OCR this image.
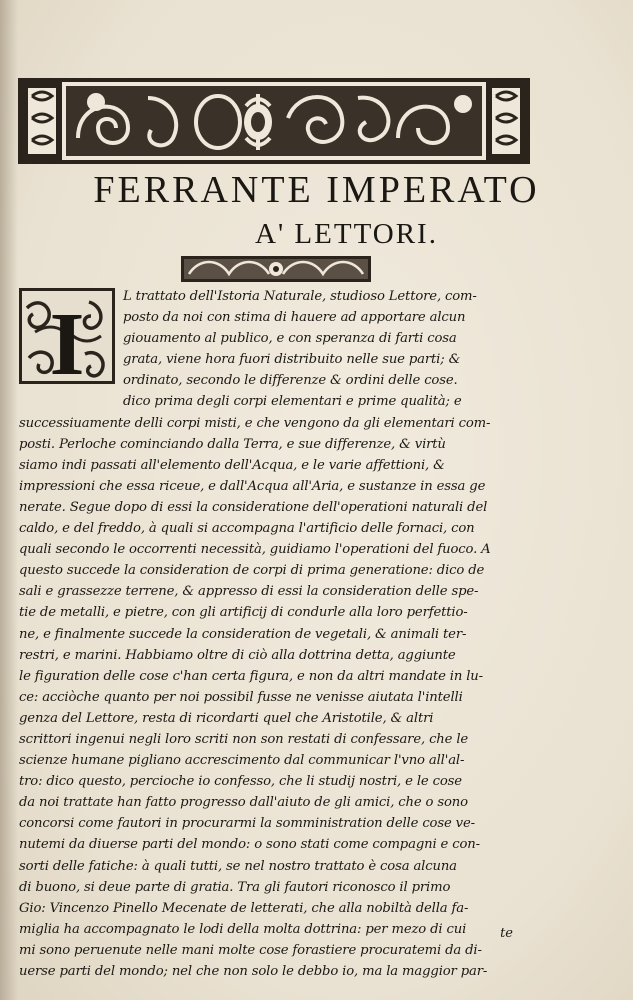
FERRANTE IMPERATO
A' LETTORI.
I	L trattato dell'Istoria Naturale, studioso Lettore, com-
posto da noi con stima di hauere ad apportare alcun
giouamento al publico, e con speranza di farti cosa
grata, viene hora fuori distribuito nelle sue parti; &
ordinato, secondo le differenze & ordini delle cose.
dico prima degli corpi elementari e prime qualità; e
successiuamente delli corpi misti, e che vengono da gli elementari com-
posti. Perloche cominciando dalla Terra, e sue differenze, & virtù
siamo indi passati all'elemento dell'Acqua, e le varie affettioni, &
impressioni che essa riceue, e dall'Acqua all'Aria, e sustanze in essa ge
nerate. Segue dopo di essi la consideratione dell'operationi naturali del
caldo, e del freddo, à quali si accompagna l'artificio delle fornaci, con
quali secondo le occorrenti necessità, guidiamo l'operationi del fuoco. A
questo succede la consideration de corpi di prima generatione: dico de
sali e grassezze terrene, & appresso di essi la consideration delle spe-
tie de metalli, e pietre, con gli artificij di condurle alla loro perfettio-
ne, e finalmente succede la consideration de vegetali, & animali ter-
restri, e marini. Habbiamo oltre di ciò alla dottrina detta, aggiunte
le figuration delle cose c'han certa figura, e non da altri mandate in lu-
ce: acciòche quanto per noi possibil fusse ne venisse aiutata l'intelli
genza del Lettore, resta di ricordarti quel che Aristotile, & altri
scrittori ingenui negli loro scriti non son restati di confessare, che le
scienze humane pigliano accrescimento dal communicar l'vno all'al-
tro: dico questo, percioche io confesso, che li studij nostri, e le cose
da noi trattate han fatto progresso dall'aiuto de gli amici, che o sono
concorsi come fautori in procurarmi la somministration delle cose ve-
nutemi da diuerse parti del mondo: o sono stati come compagni e con-
sorti delle fatiche: à quali tutti, se nel nostro trattato è cosa alcuna
di buono, si deue parte di gratia. Tra gli fautori riconosco il primo
Gio: Vincenzo Pinello Mecenate de letterati, che alla nobiltà della fa-
miglia ha accompagnato le lodi della molta dottrina: per mezo di cui
mi sono peruenute nelle mani molte cose forastiere procuratemi da di-
uerse parti del mondo; nel che non solo le debbo io, ma la maggior par-
te
